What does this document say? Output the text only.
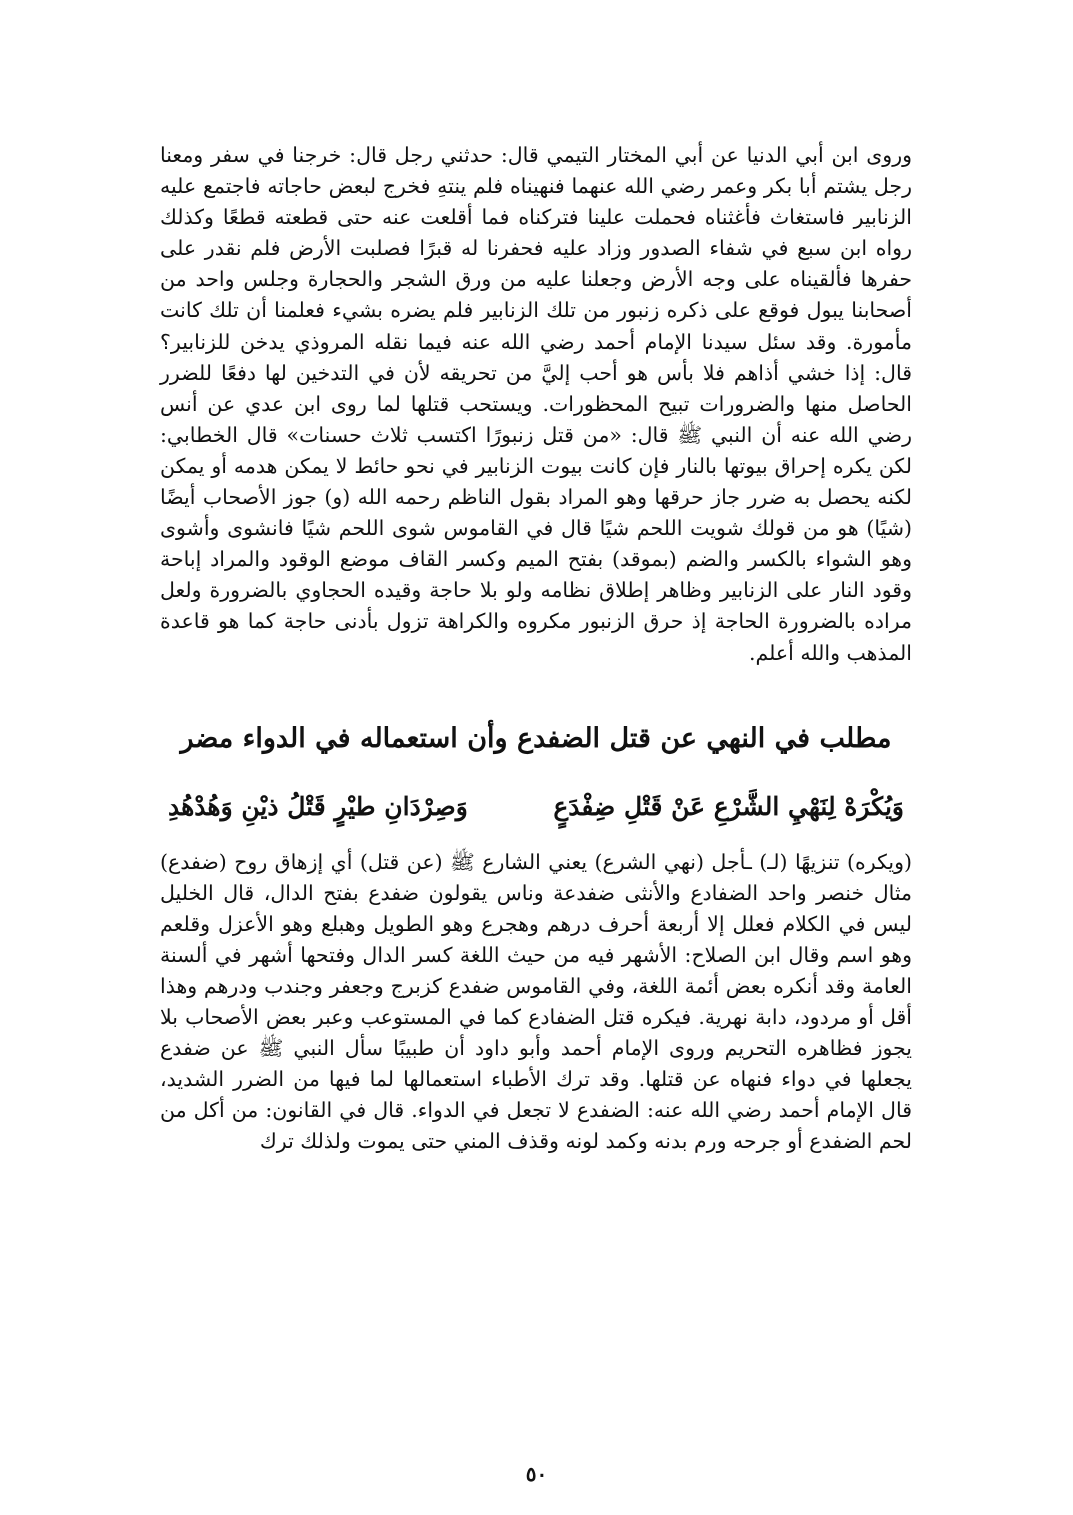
وروى ابن أبي الدنيا عن أبي المختار التيمي قال: حدثني رجل قال: خرجنا في سفر ومعنا رجل يشتم أبا بكر وعمر رضي الله عنهما فنهيناه فلم ينتهِ فخرج لبعض حاجاته فاجتمع عليه الزنابير فاستغاث فأغثناه فحملت علينا فتركناه فما أقلعت عنه حتى قطعته قطعًا وكذلك رواه ابن سبع في شفاء الصدور وزاد عليه فحفرنا له قبرًا فصلبت الأرض فلم نقدر على حفرها فألقيناه على وجه الأرض وجعلنا عليه من ورق الشجر والحجارة وجلس واحد من أصحابنا يبول فوقع على ذكره زنبور من تلك الزنابير فلم يضره بشيء فعلمنا أن تلك كانت مأمورة. وقد سئل سيدنا الإمام أحمد رضي الله عنه فيما نقله المروذي يدخن للزنابير؟ قال: إذا خشي أذاهم فلا بأس هو أحب إليَّ من تحريقه لأن في التدخين لها دفعًا للضرر الحاصل منها والضرورات تبيح المحظورات. ويستحب قتلها لما روى ابن عدي عن أنس رضي الله عنه أن النبي ﷺ قال: «من قتل زنبورًا اكتسب ثلاث حسنات» قال الخطابي: لكن يكره إحراق بيوتها بالنار فإن كانت بيوت الزنابير في نحو حائط لا يمكن هدمه أو يمكن لكنه يحصل به ضرر جاز حرقها وهو المراد بقول الناظم رحمه الله (و) جوز الأصحاب أيضًا (شيًا) هو من قولك شويت اللحم شيًا قال في القاموس شوى اللحم شيًا فانشوى وأشوى وهو الشواء بالكسر والضم (بموقد) بفتح الميم وكسر القاف موضع الوقود والمراد إباحة وقود النار على الزنابير وظاهر إطلاق نظامه ولو بلا حاجة وقيده الحجاوي بالضرورة ولعل مراده بالضرورة الحاجة إذ حرق الزنبور مكروه والكراهة تزول بأدنى حاجة كما هو قاعدة المذهب والله أعلم.

مطلب في النهي عن قتل الضفدع وأن استعماله في الدواء مضر
وَيُكْرَهْ لِنَهْيِ الشَّرْعِ عَنْ قَتْلِ ضِفْدَعٍ
وَصِرْدَانِ طيْرٍ قَتْلُ ذيْنِ وَهُدْهُدِ

(ويكره) تنزيهًا (لـ) ـأجل (نهي الشرع) يعني الشارع ﷺ (عن قتل) أي إزهاق روح (ضفدع) مثال خنصر واحد الضفادع والأنثى ضفدعة وناس يقولون ضفدع بفتح الدال، قال الخليل ليس في الكلام فعلل إلا أربعة أحرف درهم وهجرع وهو الطويل وهبلع وهو الأعزل وقلعم وهو اسم وقال ابن الصلاح: الأشهر فيه من حيث اللغة كسر الدال وفتحها أشهر في ألسنة العامة وقد أنكره بعض أئمة اللغة، وفي القاموس ضفدع كزبرج وجعفر وجندب ودرهم وهذا أقل أو مردود، دابة نهرية. فيكره قتل الضفادع كما في المستوعب وعبر بعض الأصحاب بلا يجوز فظاهره التحريم وروى الإمام أحمد وأبو داود أن طبيبًا سأل النبي ﷺ عن ضفدع يجعلها في دواء فنهاه عن قتلها. وقد ترك الأطباء استعمالها لما فيها من الضرر الشديد، قال الإمام أحمد رضي الله عنه: الضفدع لا تجعل في الدواء. قال في القانون: من أكل من لحم الضفدع أو جرحه ورم بدنه وكمد لونه وقذف المني حتى يموت ولذلك ترك

٥٠
